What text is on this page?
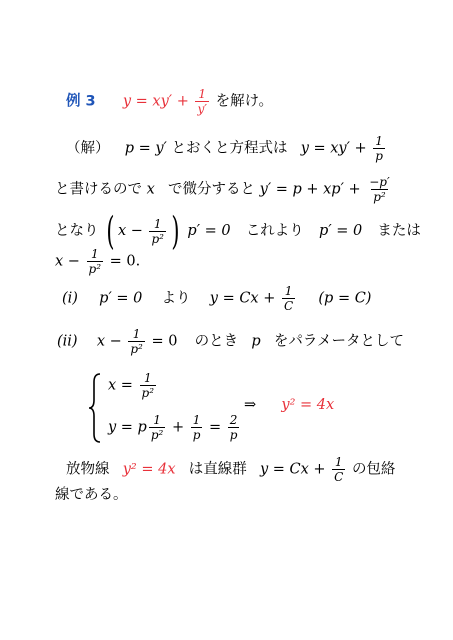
例 3 $y = xy' + \frac{1}{y'}$ を解け。
（解） p = y′ とおくと方程式は $y = xy' + \frac{1}{p}$
と書けるので x で微分すると $y' = p + xp' + \frac{-p'}{\text{p²}}$
となり ( $x - \frac{1}{\text{p²}}$ ) p′ = 0 これより p′ = 0 または
$x - \frac{1}{\text{p²}} = 0$.
(i) p′ = 0 より $y = Cx + \frac{1}{C} (p = C)$
(ii) $x - \frac{1}{\text{p²}} = 0$ のとき p をパラメータとして
$x = \frac{1}{\text{p²}}$
y = p $\frac{1}{\text{p²}} + \frac{1}{p} = \frac{2}{p}$
⇒ y² = 4x
放物線 y² = 4x は直線群 $y = Cx + \frac{1}{C}$ の包絡
線である。
